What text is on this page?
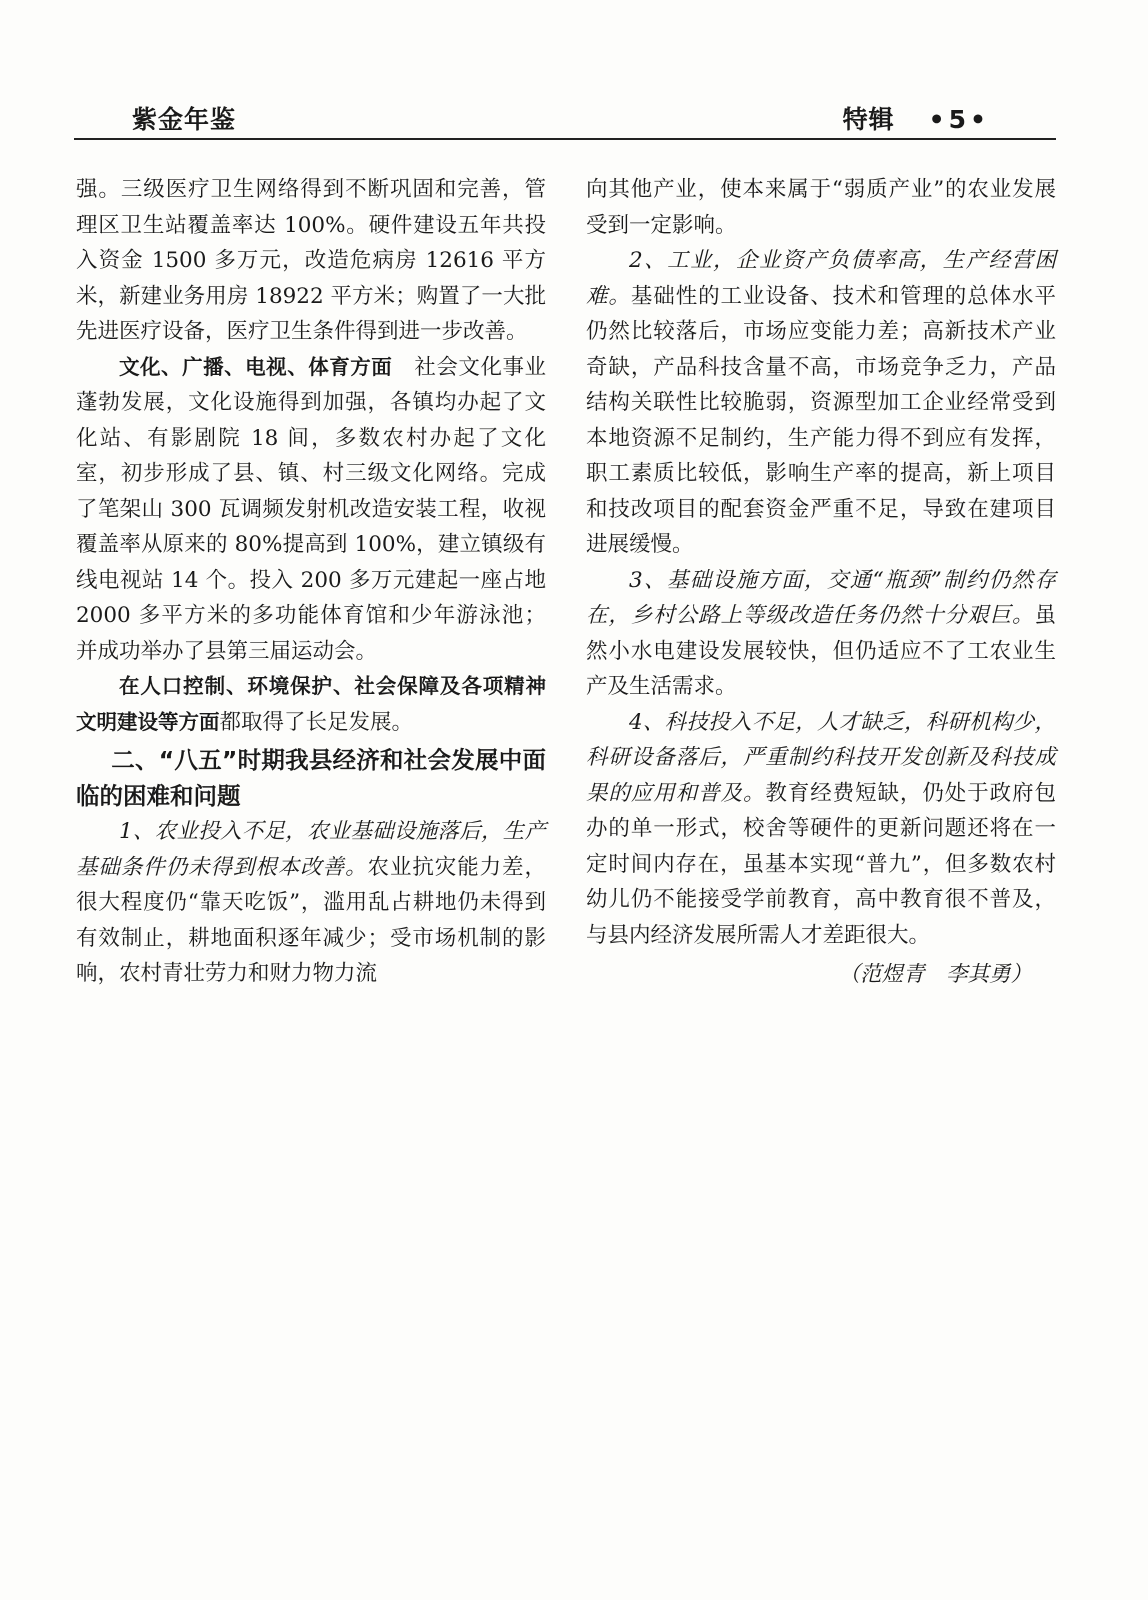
紫金年鉴	特辑 •5•

强。三级医疗卫生网络得到不断巩固和完善，管理区卫生站覆盖率达 100%。硬件建设五年共投入资金 1500 多万元，改造危病房 12616 平方米，新建业务用房 18922 平方米；购置了一大批先进医疗设备，医疗卫生条件得到进一步改善。

文化、广播、电视、体育方面　社会文化事业蓬勃发展，文化设施得到加强，各镇均办起了文化站、有影剧院 18 间，多数农村办起了文化室，初步形成了县、镇、村三级文化网络。完成了笔架山 300 瓦调频发射机改造安装工程，收视覆盖率从原来的 80%提高到 100%，建立镇级有线电视站 14 个。投入 200 多万元建起一座占地 2000 多平方米的多功能体育馆和少年游泳池；并成功举办了县第三届运动会。

在人口控制、环境保护、社会保障及各项精神文明建设等方面都取得了长足发展。

二、“八五”时期我县经济和社会发展中面临的困难和问题

1、农业投入不足，农业基础设施落后，生产基础条件仍未得到根本改善。农业抗灾能力差，很大程度仍“靠天吃饭”，滥用乱占耕地仍未得到有效制止，耕地面积逐年减少；受市场机制的影响，农村青壮劳力和财力物力流

向其他产业，使本来属于“弱质产业”的农业发展受到一定影响。

2、工业，企业资产负债率高，生产经营困难。基础性的工业设备、技术和管理的总体水平仍然比较落后，市场应变能力差；高新技术产业奇缺，产品科技含量不高，市场竞争乏力，产品结构关联性比较脆弱，资源型加工企业经常受到本地资源不足制约，生产能力得不到应有发挥，职工素质比较低，影响生产率的提高，新上项目和技改项目的配套资金严重不足，导致在建项目进展缓慢。

3、基础设施方面，交通“瓶颈”制约仍然存在，乡村公路上等级改造任务仍然十分艰巨。虽然小水电建设发展较快，但仍适应不了工农业生产及生活需求。

4、科技投入不足，人才缺乏，科研机构少，科研设备落后，严重制约科技开发创新及科技成果的应用和普及。教育经费短缺，仍处于政府包办的单一形式，校舍等硬件的更新问题还将在一定时间内存在，虽基本实现“普九”，但多数农村幼儿仍不能接受学前教育，高中教育很不普及，与县内经济发展所需人才差距很大。

（范煜青　李其勇）
